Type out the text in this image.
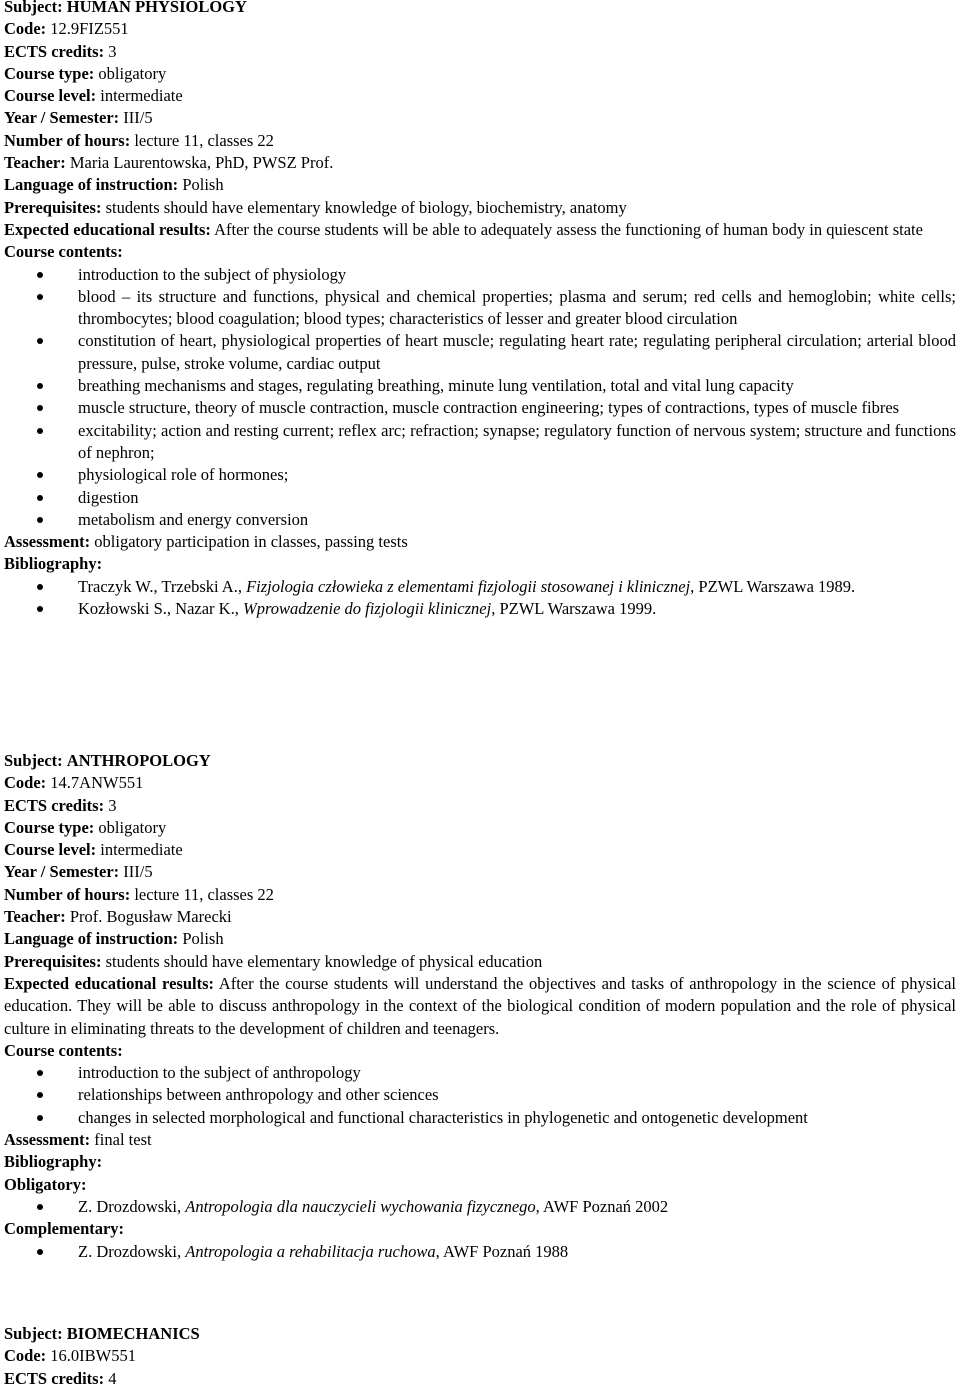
Subject: HUMAN PHYSIOLOGY

Code: 12.9FIZ551

ECTS credits: 3

Course type: obligatory

Course level: intermediate

Year / Semester: III/5

Number of hours: lecture 11, classes 22

Teacher: Maria Laurentowska, PhD, PWSZ Prof.

Language of instruction: Polish

Prerequisites: students should have elementary knowledge of biology, biochemistry, anatomy

Expected educational results: After the course students will be able to adequately assess the functioning of human body in quiescent state

Course contents:

introduction to the subject of physiology
blood – its structure and functions, physical and chemical properties; plasma and serum; red cells and hemoglobin; white cells; thrombocytes; blood coagulation; blood types; characteristics of lesser and greater blood circulation
constitution of heart, physiological properties of heart muscle; regulating heart rate; regulating peripheral circulation; arterial blood pressure, pulse, stroke volume, cardiac output
breathing mechanisms and stages, regulating breathing, minute lung ventilation, total and vital lung capacity
muscle structure, theory of muscle contraction, muscle contraction engineering; types of contractions, types of muscle fibres
excitability; action and resting current; reflex arc; refraction; synapse; regulatory function of nervous system; structure and functions of nephron;
physiological role of hormones;
digestion
metabolism and energy conversion

Assessment: obligatory participation in classes, passing tests

Bibliography:

Traczyk W., Trzebski A., Fizjologia człowieka z elementami fizjologii stosowanej i klinicznej, PZWL Warszawa 1989.
Kozłowski S., Nazar K., Wprowadzenie do fizjologii klinicznej, PZWL Warszawa 1999.

Subject: ANTHROPOLOGY

Code: 14.7ANW551

ECTS credits: 3

Course type: obligatory

Course level: intermediate

Year / Semester: III/5

Number of hours: lecture 11, classes 22

Teacher: Prof. Bogusław Marecki

Language of instruction: Polish

Prerequisites: students should have elementary knowledge of physical education

Expected educational results: After the course students will understand the objectives and tasks of anthropology in the science of physical education. They will be able to discuss anthropology in the context of the biological condition of modern population and the role of physical culture in eliminating threats to the development of children and teenagers.

Course contents:

introduction to the subject of anthropology
relationships between anthropology and other sciences
changes in selected morphological and functional characteristics in phylogenetic and ontogenetic development

Assessment: final test

Bibliography:

Obligatory:

Z. Drozdowski, Antropologia dla nauczycieli wychowania fizycznego, AWF Poznań 2002

Complementary:

Z. Drozdowski, Antropologia a rehabilitacja ruchowa, AWF Poznań 1988

Subject: BIOMECHANICS

Code: 16.0IBW551

ECTS credits: 4
